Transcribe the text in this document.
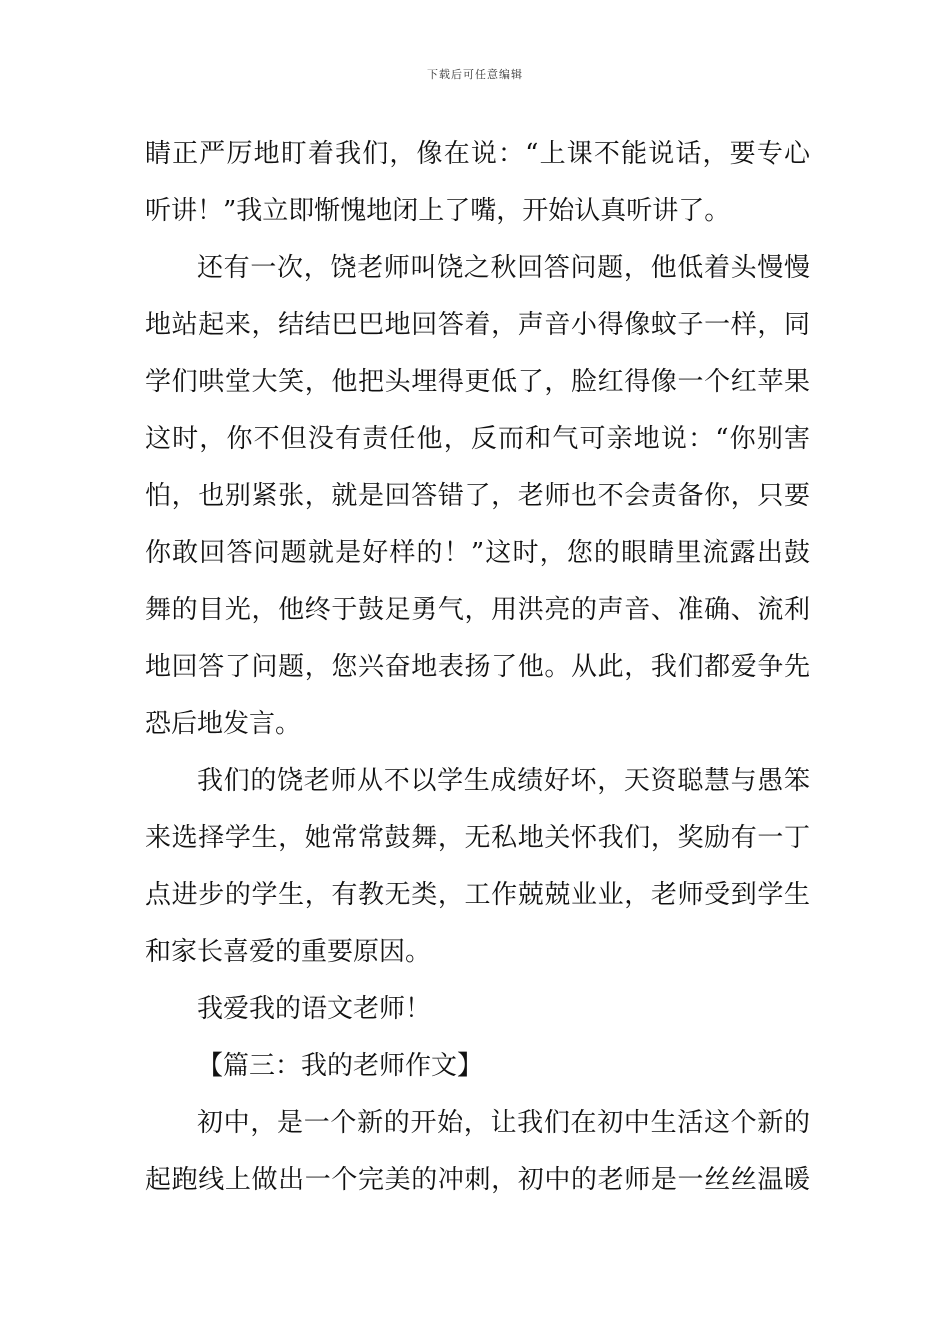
下载后可任意编辑
睛正严厉地盯着我们，像在说：“上课不能说话，要专心
听讲！”我立即惭愧地闭上了嘴，开始认真听讲了。
还有一次，饶老师叫饶之秋回答问题，他低着头慢慢
地站起来，结结巴巴地回答着，声音小得像蚊子一样，同
学们哄堂大笑，他把头埋得更低了，脸红得像一个红苹果
这时，你不但没有责任他，反而和气可亲地说：“你别害
怕，也别紧张，就是回答错了，老师也不会责备你，只要
你敢回答问题就是好样的！”这时，您的眼睛里流露出鼓
舞的目光，他终于鼓足勇气，用洪亮的声音、准确、流利
地回答了问题，您兴奋地表扬了他。从此，我们都爱争先
恐后地发言。
我们的饶老师从不以学生成绩好坏，天资聪慧与愚笨
来选择学生，她常常鼓舞，无私地关怀我们，奖励有一丁
点进步的学生，有教无类，工作兢兢业业，老师受到学生
和家长喜爱的重要原因。
我爱我的语文老师！
【篇三：我的老师作文】
初中，是一个新的开始，让我们在初中生活这个新的
起跑线上做出一个完美的冲刺，初中的老师是一丝丝温暖
